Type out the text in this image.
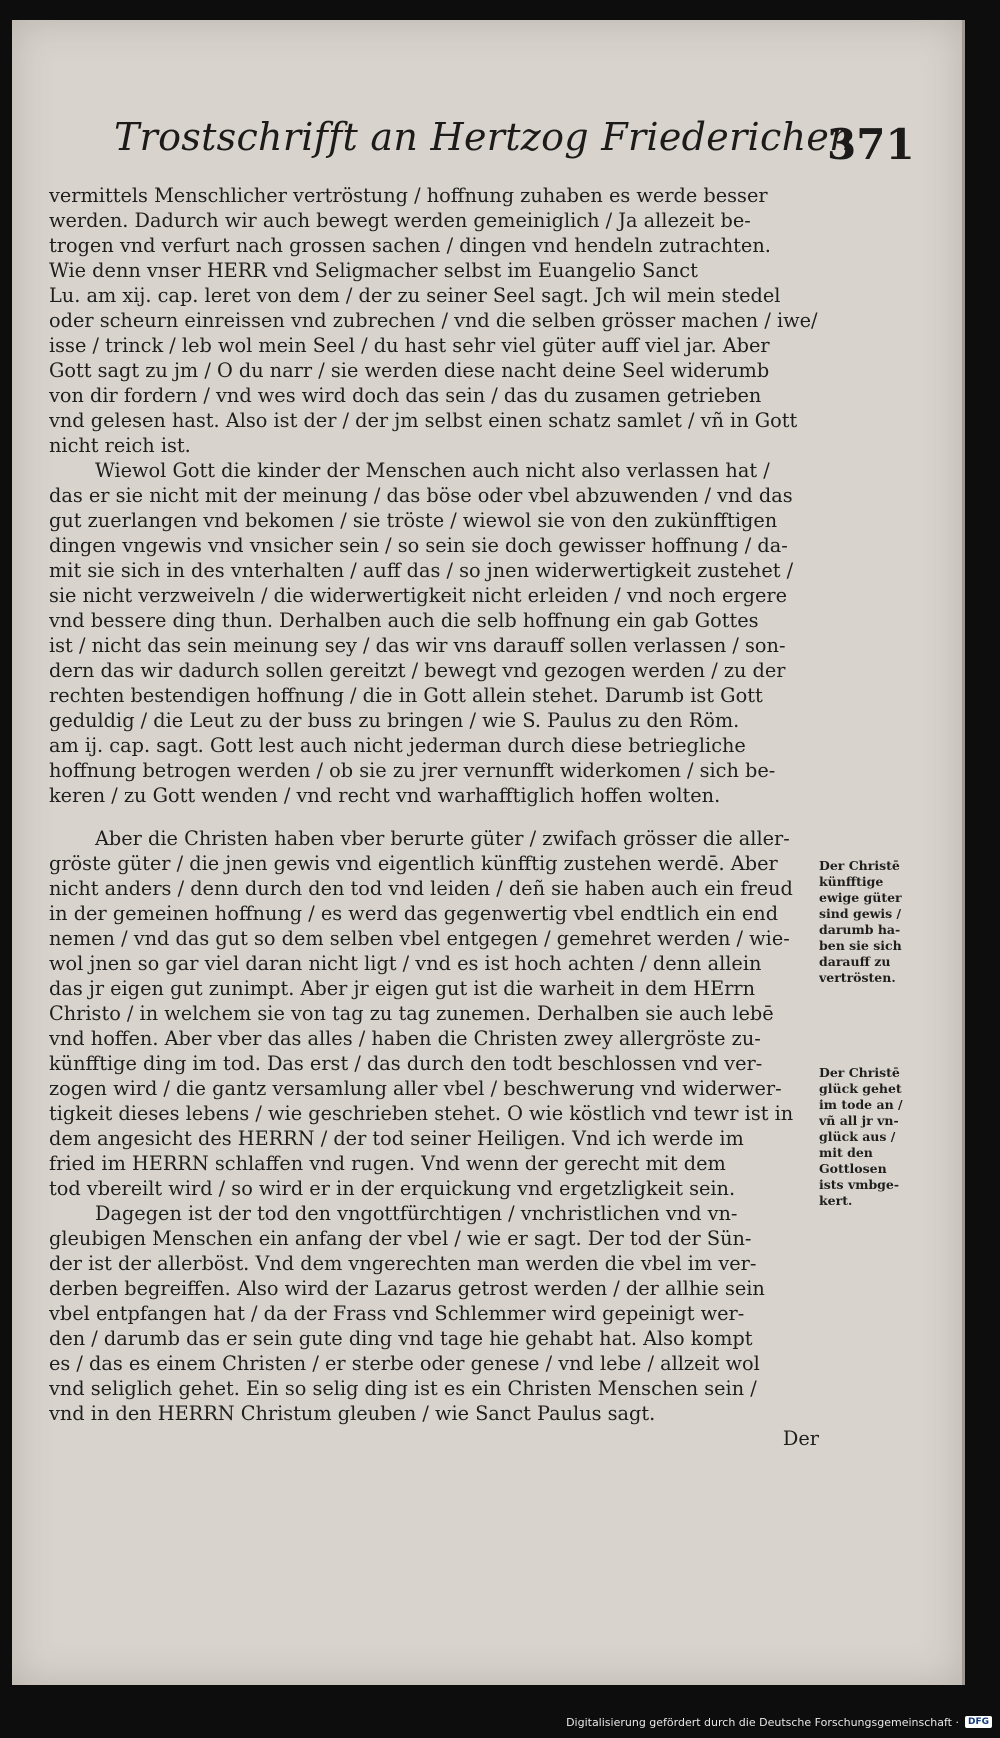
Trostschrifft an Hertzog Friederichen
371
vermittels Menschlicher vertröstung / hoffnung zuhaben es werde besser
werden. Dadurch wir auch bewegt werden gemeiniglich / Ja allezeit be-
trogen vnd verfurt nach grossen sachen / dingen vnd hendeln zutrachten.
Wie denn vnser HERR vnd Seligmacher selbst im Euangelio Sanct
Lu. am xij. cap. leret von dem / der zu seiner Seel sagt. Jch wil mein stedel
oder scheurn einreissen vnd zubrechen / vnd die selben grösser machen / iwe/
isse / trinck / leb wol mein Seel / du hast sehr viel güter auff viel jar. Aber
Gott sagt zu jm / O du narr / sie werden diese nacht deine Seel widerumb
von dir fordern / vnd wes wird doch das sein / das du zusamen getrieben
vnd gelesen hast. Also ist der / der jm selbst einen schatz samlet / vñ in Gott
nicht reich ist.
Wiewol Gott die kinder der Menschen auch nicht also verlassen hat /
das er sie nicht mit der meinung / das böse oder vbel abzuwenden / vnd das
gut zuerlangen vnd bekomen / sie tröste / wiewol sie von den zukünfftigen
dingen vngewis vnd vnsicher sein / so sein sie doch gewisser hoffnung / da-
mit sie sich in des vnterhalten / auff das / so jnen widerwertigkeit zustehet /
sie nicht verzweiveln / die widerwertigkeit nicht erleiden / vnd noch ergere
vnd bessere ding thun. Derhalben auch die selb hoffnung ein gab Gottes
ist / nicht das sein meinung sey / das wir vns darauff sollen verlassen / son-
dern das wir dadurch sollen gereitzt / bewegt vnd gezogen werden / zu der
rechten bestendigen hoffnung / die in Gott allein stehet. Darumb ist Gott
geduldig / die Leut zu der buss zu bringen / wie S. Paulus zu den Röm.
am ij. cap. sagt. Gott lest auch nicht jederman durch diese betriegliche
hoffnung betrogen werden / ob sie zu jrer vernunfft widerkomen / sich be-
keren / zu Gott wenden / vnd recht vnd warhafftiglich hoffen wolten.
Aber die Christen haben vber berurte güter / zwifach grösser die aller-
gröste güter / die jnen gewis vnd eigentlich künfftig zustehen werdē. Aber
nicht anders / denn durch den tod vnd leiden / deñ sie haben auch ein freud
in der gemeinen hoffnung / es werd das gegenwertig vbel endtlich ein end
nemen / vnd das gut so dem selben vbel entgegen / gemehret werden / wie-
wol jnen so gar viel daran nicht ligt / vnd es ist hoch achten / denn allein
das jr eigen gut zunimpt. Aber jr eigen gut ist die warheit in dem HErrn
Christo / in welchem sie von tag zu tag zunemen. Derhalben sie auch lebē
vnd hoffen. Aber vber das alles / haben die Christen zwey allergröste zu-
künfftige ding im tod. Das erst / das durch den todt beschlossen vnd ver-
zogen wird / die gantz versamlung aller vbel / beschwerung vnd widerwer-
tigkeit dieses lebens / wie geschrieben stehet. O wie köstlich vnd tewr ist in
dem angesicht des HERRN / der tod seiner Heiligen. Vnd ich werde im
fried im HERRN schlaffen vnd rugen. Vnd wenn der gerecht mit dem
tod vbereilt wird / so wird er in der erquickung vnd ergetzligkeit sein.
Dagegen ist der tod den vngottfürchtigen / vnchristlichen vnd vn-
gleubigen Menschen ein anfang der vbel / wie er sagt. Der tod der Sün-
der ist der allerböst. Vnd dem vngerechten man werden die vbel im ver-
derben begreiffen. Also wird der Lazarus getrost werden / der allhie sein
vbel entpfangen hat / da der Frass vnd Schlemmer wird gepeinigt wer-
den / darumb das er sein gute ding vnd tage hie gehabt hat. Also kompt
es / das es einem Christen / er sterbe oder genese / vnd lebe / allzeit wol
vnd seliglich gehet. Ein so selig ding ist es ein Christen Menschen sein /
vnd in den HERRN Christum gleuben / wie Sanct Paulus sagt.
Der
Der Christē
künfftige
ewige güter
sind gewis /
darumb ha-
ben sie sich
darauff zu
vertrösten.
Der Christē
glück gehet
im tode an /
vñ all jr vn-
glück aus /
mit den
Gottlosen
ists vmbge-
kert.
Digitalisierung gefördert durch die Deutsche Forschungsgemeinschaft ·	DFG
